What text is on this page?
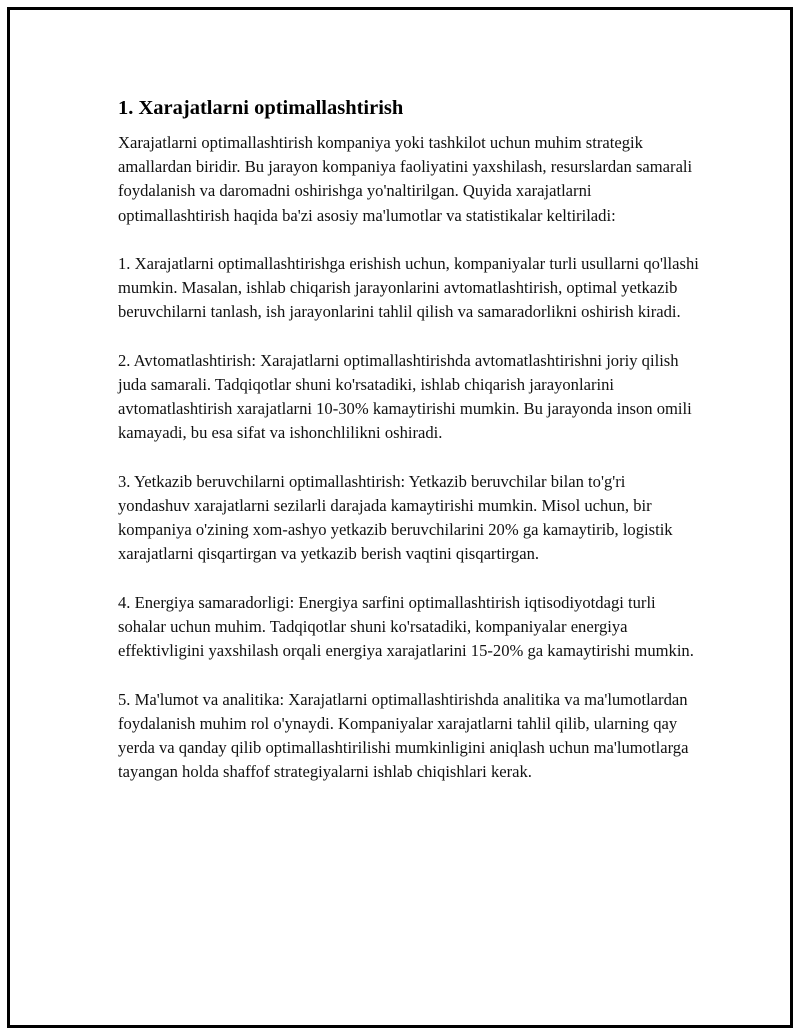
1. Xarajatlarni optimallashtirish

Xarajatlarni optimallashtirish kompaniya yoki tashkilot uchun muhim strategik amallardan biridir. Bu jarayon kompaniya faoliyatini yaxshilash, resurslardan samarali foydalanish va daromadni oshirishga yo'naltirilgan. Quyida xarajatlarni optimallashtirish haqida ba'zi asosiy ma'lumotlar va statistikalar keltiriladi:

1. Xarajatlarni optimallashtirishga erishish uchun, kompaniyalar turli usullarni qo'llashi mumkin. Masalan, ishlab chiqarish jarayonlarini avtomatlashtirish, optimal yetkazib beruvchilarni tanlash, ish jarayonlarini tahlil qilish va samaradorlikni oshirish kiradi.

2. Avtomatlashtirish: Xarajatlarni optimallashtirishda avtomatlashtirishni joriy qilish juda samarali. Tadqiqotlar shuni ko'rsatadiki, ishlab chiqarish jarayonlarini avtomatlashtirish xarajatlarni 10-30% kamaytirishi mumkin. Bu jarayonda inson omili kamayadi, bu esa sifat va ishonchlilikni oshiradi.

3. Yetkazib beruvchilarni optimallashtirish: Yetkazib beruvchilar bilan to'g'ri yondashuv xarajatlarni sezilarli darajada kamaytirishi mumkin. Misol uchun, bir kompaniya o'zining xom-ashyo yetkazib beruvchilarini 20% ga kamaytirib, logistik xarajatlarni qisqartirgan va yetkazib berish vaqtini qisqartirgan.

4. Energiya samaradorligi: Energiya sarfini optimallashtirish iqtisodiyotdagi turli sohalar uchun muhim. Tadqiqotlar shuni ko'rsatadiki, kompaniyalar energiya effektivligini yaxshilash orqali energiya xarajatlarini 15-20% ga kamaytirishi mumkin.

5. Ma'lumot va analitika: Xarajatlarni optimallashtirishda analitika va ma'lumotlardan foydalanish muhim rol o'ynaydi. Kompaniyalar xarajatlarni tahlil qilib, ularning qay yerda va qanday qilib optimallashtirilishi mumkinligini aniqlash uchun ma'lumotlarga tayangan holda shaffof strategiyalarni ishlab chiqishlari kerak.
